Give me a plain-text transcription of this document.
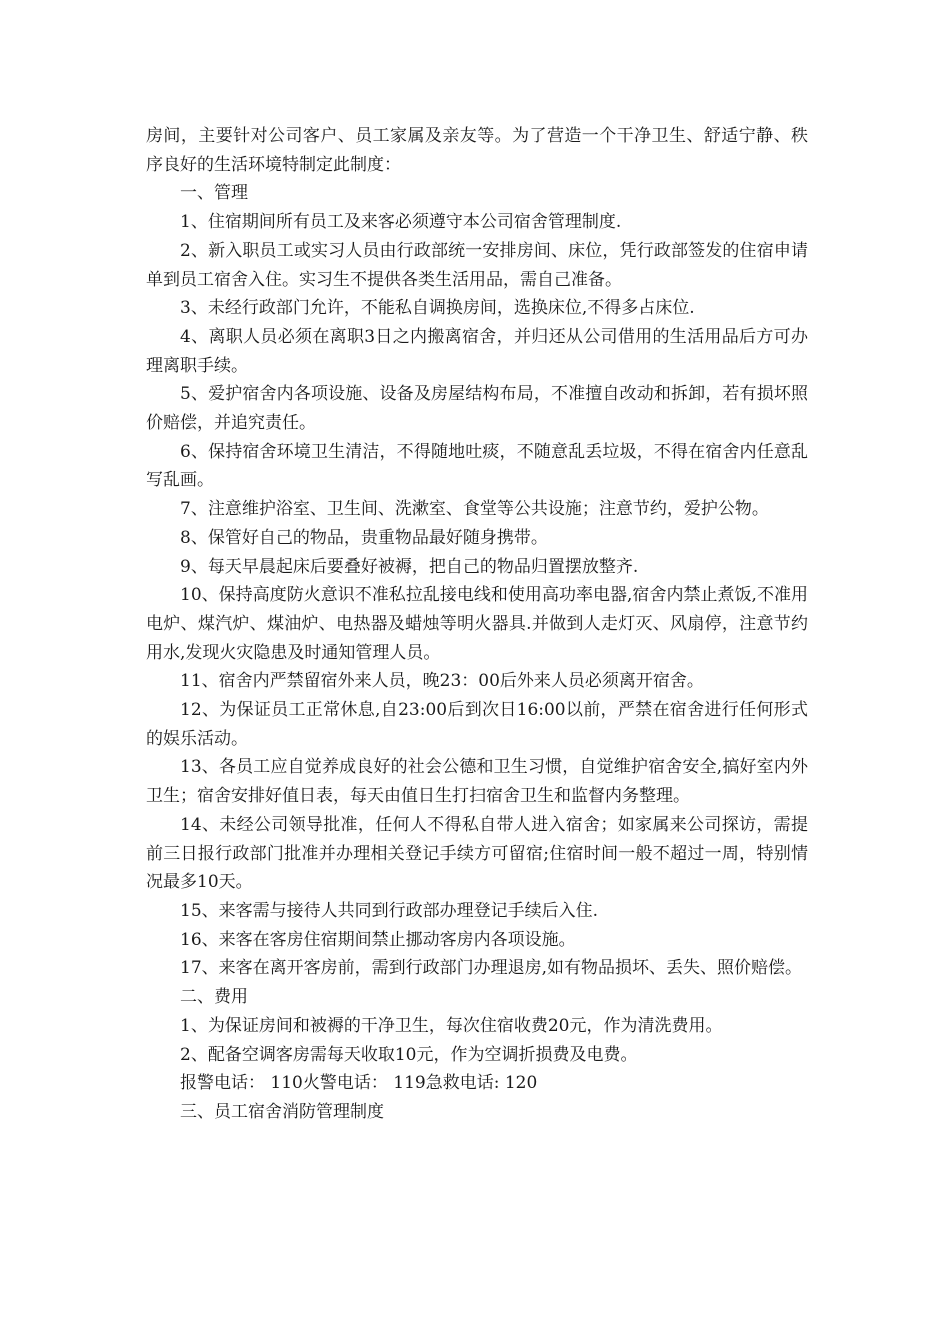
房间，主要针对公司客户、员工家属及亲友等。为了营造一个干净卫生、舒适宁静、秩序良好的生活环境特制定此制度：

一、管理

1、住宿期间所有员工及来客必须遵守本公司宿舍管理制度.

2、新入职员工或实习人员由行政部统一安排房间、床位，凭行政部签发的住宿申请单到员工宿舍入住。实习生不提供各类生活用品，需自己准备。

3、未经行政部门允许，不能私自调换房间，选换床位,不得多占床位.

4、离职人员必须在离职3日之内搬离宿舍，并归还从公司借用的生活用品后方可办理离职手续。

5、爱护宿舍内各项设施、设备及房屋结构布局，不准擅自改动和拆卸，若有损坏照价赔偿，并追究责任。

6、保持宿舍环境卫生清洁，不得随地吐痰，不随意乱丢垃圾，不得在宿舍内任意乱写乱画。

7、注意维护浴室、卫生间、洗漱室、食堂等公共设施；注意节约，爱护公物。

8、保管好自己的物品，贵重物品最好随身携带。

9、每天早晨起床后要叠好被褥，把自己的物品归置摆放整齐.

10、保持高度防火意识不准私拉乱接电线和使用高功率电器,宿舍内禁止煮饭,不准用电炉、煤汽炉、煤油炉、电热器及蜡烛等明火器具.并做到人走灯灭、风扇停，注意节约用水,发现火灾隐患及时通知管理人员。

11、宿舍内严禁留宿外来人员，晚23：00后外来人员必须离开宿舍。

12、为保证员工正常休息,自23:00后到次日16:00以前，严禁在宿舍进行任何形式的娱乐活动。

13、各员工应自觉养成良好的社会公德和卫生习惯，自觉维护宿舍安全,搞好室内外卫生；宿舍安排好值日表，每天由值日生打扫宿舍卫生和监督内务整理。

14、未经公司领导批准，任何人不得私自带人进入宿舍；如家属来公司探访，需提前三日报行政部门批准并办理相关登记手续方可留宿;住宿时间一般不超过一周，特别情况最多10天。

15、来客需与接待人共同到行政部办理登记手续后入住.

16、来客在客房住宿期间禁止挪动客房内各项设施。

17、来客在离开客房前，需到行政部门办理退房,如有物品损坏、丢失、照价赔偿。

二、费用

1、为保证房间和被褥的干净卫生，每次住宿收费20元，作为清洗费用。

2、配备空调客房需每天收取10元，作为空调折损费及电费。

报警电话： 110火警电话： 119急救电话: 120

三、员工宿舍消防管理制度
